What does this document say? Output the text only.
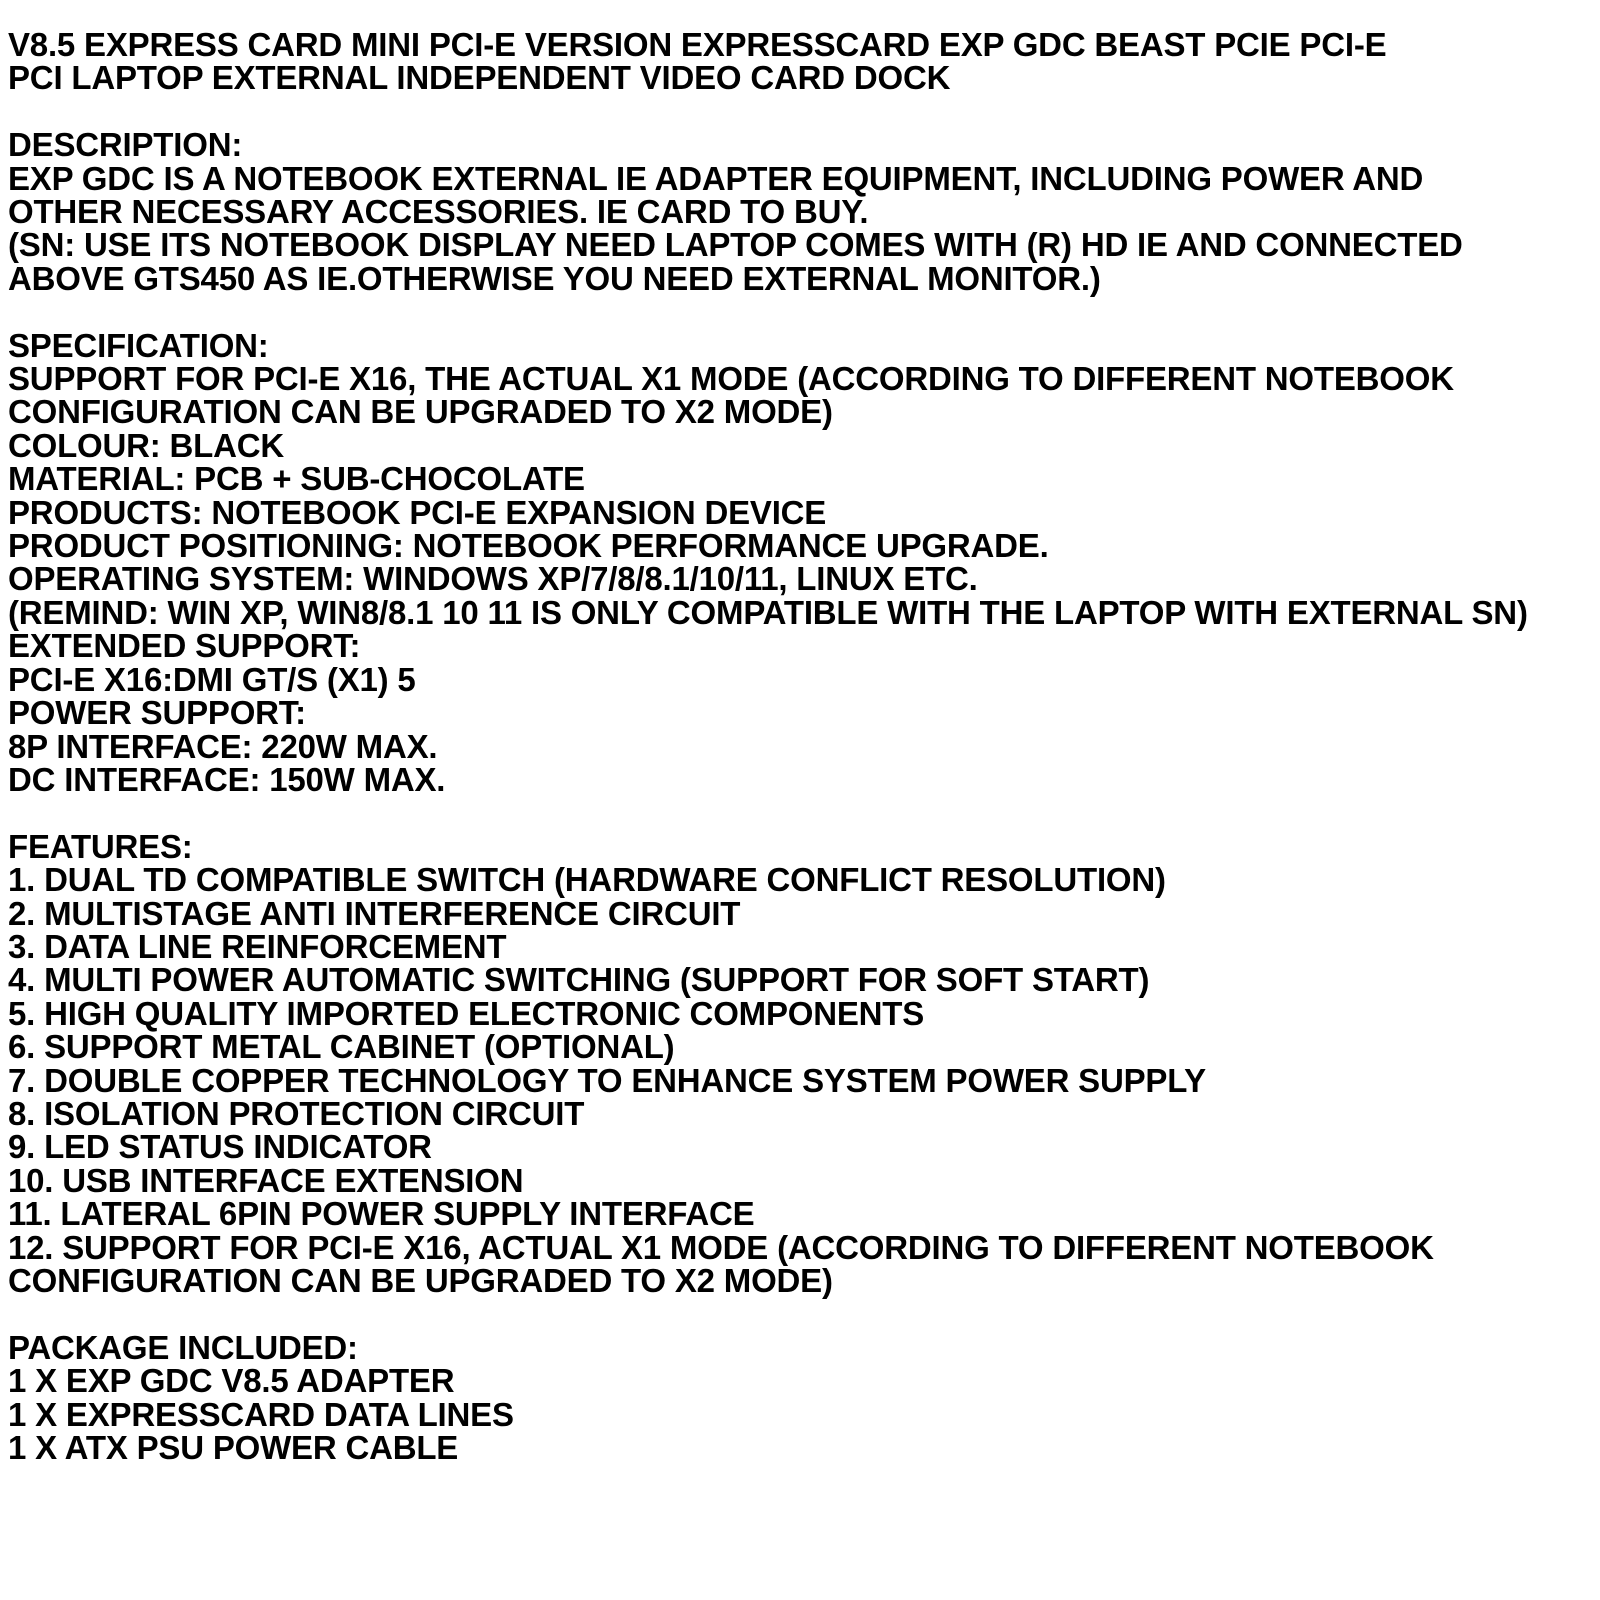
V8.5 EXPRESS CARD MINI PCI-E VERSION EXPRESSCARD EXP GDC BEAST PCIE PCI-E
PCI LAPTOP EXTERNAL INDEPENDENT VIDEO CARD DOCK
DESCRIPTION:
EXP GDC IS A NOTEBOOK EXTERNAL IE ADAPTER EQUIPMENT, INCLUDING POWER AND
OTHER NECESSARY ACCESSORIES. IE CARD TO BUY.
(SN: USE ITS NOTEBOOK DISPLAY NEED LAPTOP COMES WITH (R) HD IE AND CONNECTED
ABOVE GTS450 AS IE.OTHERWISE YOU NEED EXTERNAL MONITOR.)
SPECIFICATION:
SUPPORT FOR PCI-E X16, THE ACTUAL X1 MODE (ACCORDING TO DIFFERENT NOTEBOOK
CONFIGURATION CAN BE UPGRADED TO X2 MODE)
COLOUR: BLACK
MATERIAL: PCB + SUB-CHOCOLATE
PRODUCTS: NOTEBOOK PCI-E EXPANSION DEVICE
PRODUCT POSITIONING: NOTEBOOK PERFORMANCE UPGRADE.
OPERATING SYSTEM: WINDOWS XP/7/8/8.1/10/11, LINUX ETC.
(REMIND: WIN XP, WIN8/8.1 10 11 IS ONLY COMPATIBLE WITH THE LAPTOP WITH EXTERNAL SN)
EXTENDED SUPPORT:
PCI-E X16:DMI GT/S (X1) 5
POWER SUPPORT:
8P INTERFACE: 220W MAX.
DC INTERFACE: 150W MAX.
FEATURES:
1. DUAL TD COMPATIBLE SWITCH (HARDWARE CONFLICT RESOLUTION)
2. MULTISTAGE ANTI INTERFERENCE CIRCUIT
3. DATA LINE REINFORCEMENT
4. MULTI POWER AUTOMATIC SWITCHING (SUPPORT FOR SOFT START)
5. HIGH QUALITY IMPORTED ELECTRONIC COMPONENTS
6. SUPPORT METAL CABINET (OPTIONAL)
7. DOUBLE COPPER TECHNOLOGY TO ENHANCE SYSTEM POWER SUPPLY
8. ISOLATION PROTECTION CIRCUIT
9. LED STATUS INDICATOR
10. USB INTERFACE EXTENSION
11. LATERAL 6PIN POWER SUPPLY INTERFACE
12. SUPPORT FOR PCI-E X16, ACTUAL X1 MODE (ACCORDING TO DIFFERENT NOTEBOOK
CONFIGURATION CAN BE UPGRADED TO X2 MODE)
PACKAGE INCLUDED:
1 X EXP GDC V8.5 ADAPTER
1 X EXPRESSCARD DATA LINES
1 X ATX PSU POWER CABLE
